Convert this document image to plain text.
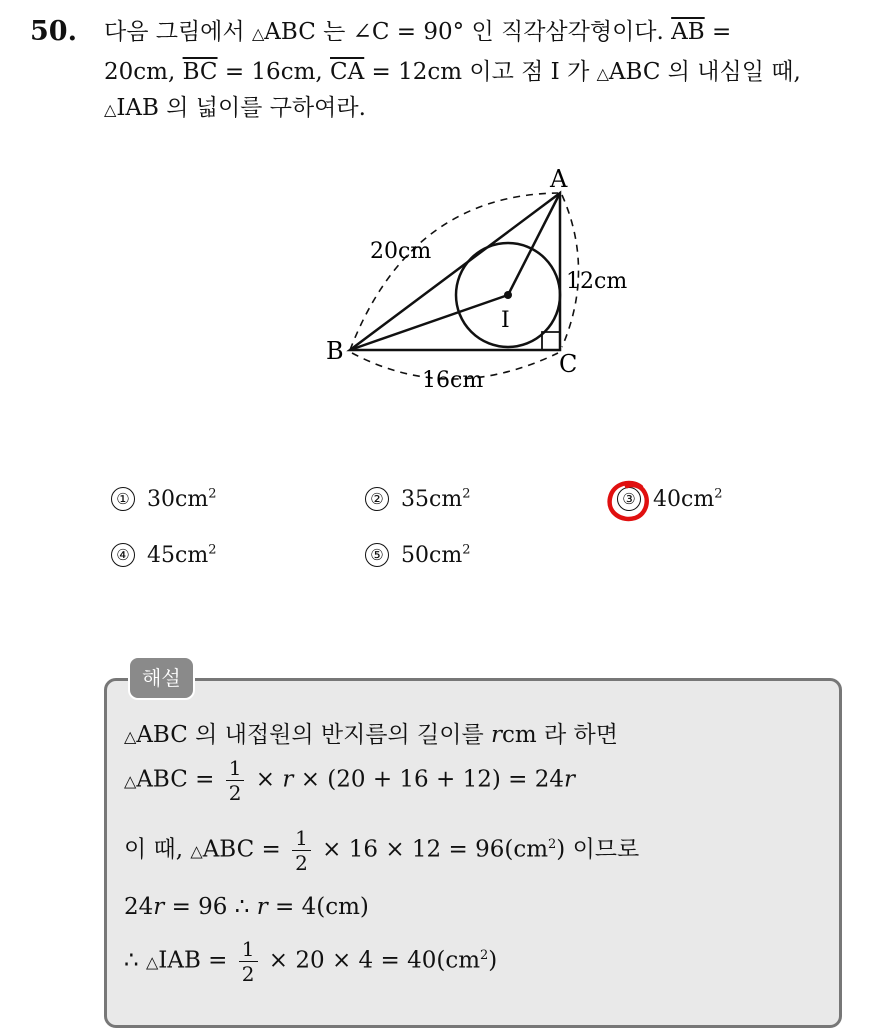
50. 다음 그림에서 △ABC 는 ∠C = 90° 인 직각삼각형이다. $\overline{AB}$ =
20cm, $\overline{BC} = 16cm$, $\overline{CA} = 12cm$ 이고 점 I 가 △ABC 의 내심일 때,
△IAB 의 넓이를 구하여라.
A
B	C
I
20cm
16cm
12cm
① $30cm^2$	② $35cm^2$	③ $40cm^2$
④ $45cm^2$	⑤ $50cm^2$
해설
△ABC 의 내접원의 반지름의 길이를 rcm 라 하면
△ABC = $\frac{1}{2} \times r \times (20 + 16 + 12) = 24r$
이 때, △ABC = $\frac{1}{2} \times 16 \times 12 = 96(cm^2)$ 이므로
24r = 96 ∴ r = 4(cm)
∴ △IAB = $\frac{1}{2} \times 20 \times 4 = 40(cm^2)$
